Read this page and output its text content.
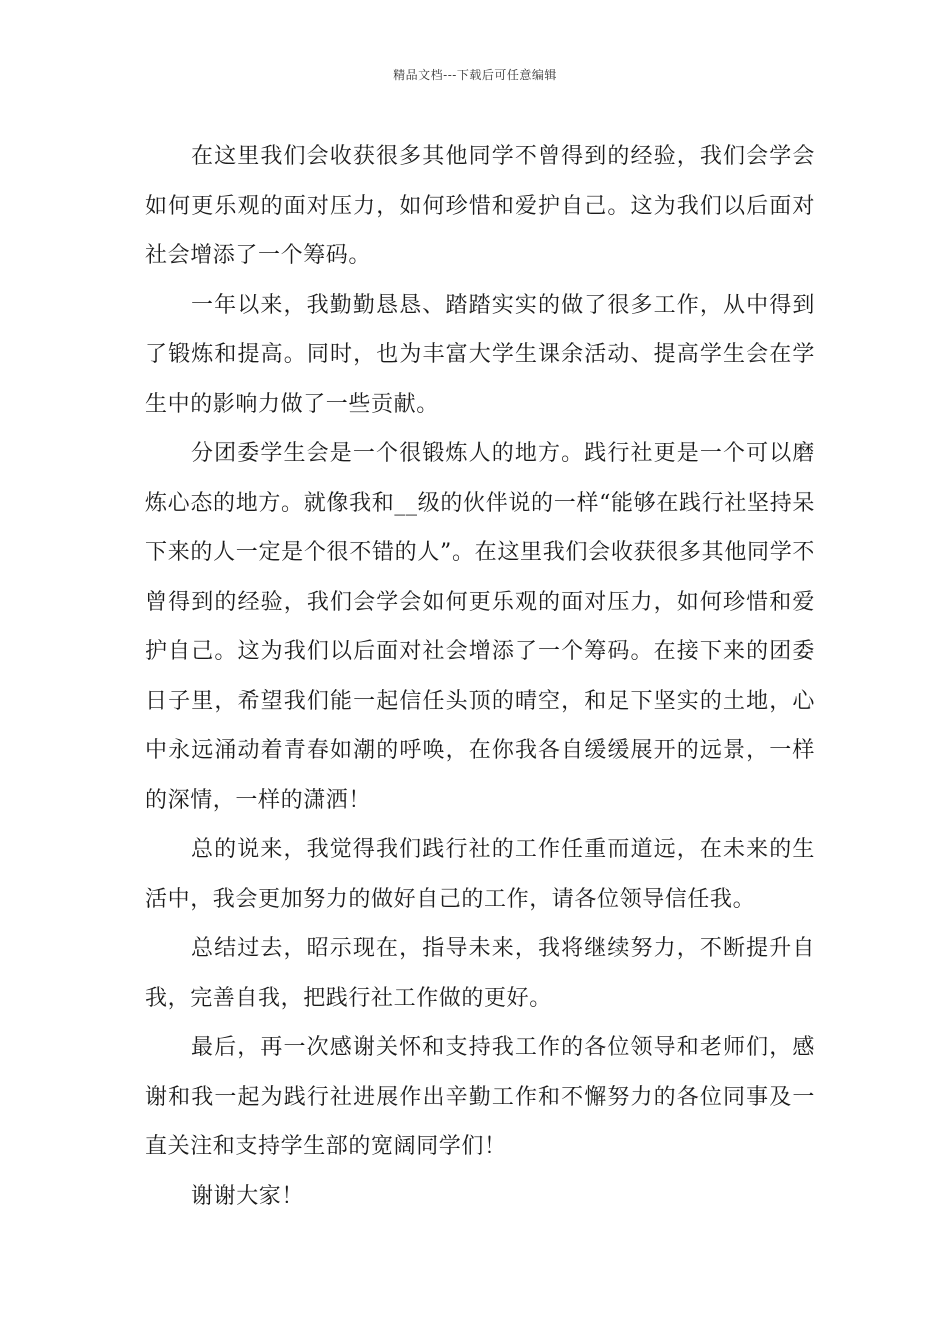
精品文档---下载后可任意编辑

在这里我们会收获很多其他同学不曾得到的经验，我们会学会如何更乐观的面对压力，如何珍惜和爱护自己。这为我们以后面对社会增添了一个筹码。

一年以来，我勤勤恳恳、踏踏实实的做了很多工作，从中得到了锻炼和提高。同时，也为丰富大学生课余活动、提高学生会在学生中的影响力做了一些贡献。

分团委学生会是一个很锻炼人的地方。践行社更是一个可以磨炼心态的地方。就像我和__级的伙伴说的一样“能够在践行社坚持呆下来的人一定是个很不错的人”。在这里我们会收获很多其他同学不曾得到的经验，我们会学会如何更乐观的面对压力，如何珍惜和爱护自己。这为我们以后面对社会增添了一个筹码。在接下来的团委日子里，希望我们能一起信任头顶的晴空，和足下坚实的土地，心中永远涌动着青春如潮的呼唤，在你我各自缓缓展开的远景，一样的深情，一样的潇洒！

总的说来，我觉得我们践行社的工作任重而道远，在未来的生活中，我会更加努力的做好自己的工作，请各位领导信任我。

总结过去，昭示现在，指导未来，我将继续努力，不断提升自我，完善自我，把践行社工作做的更好。

最后，再一次感谢关怀和支持我工作的各位领导和老师们，感谢和我一起为践行社进展作出辛勤工作和不懈努力的各位同事及一直关注和支持学生部的宽阔同学们！

谢谢大家！
